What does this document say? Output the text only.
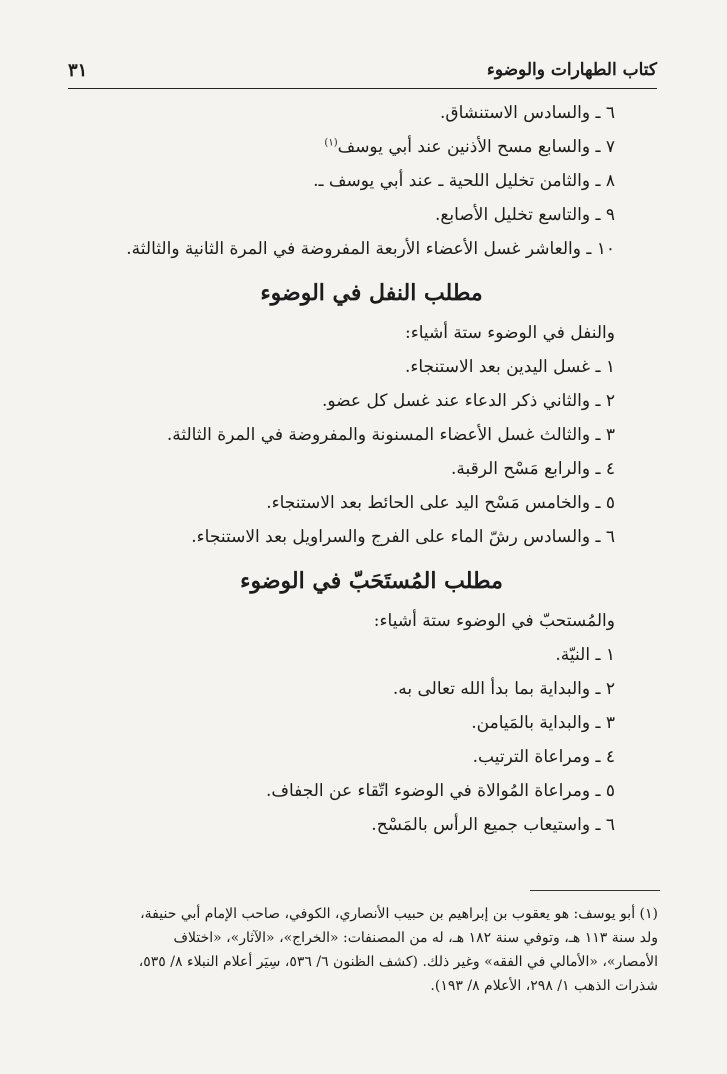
كتاب الطهارات والوضوء
٣١
٦ ـ والسادس الاستنشاق.
٧ ـ والسابع مسح الأذنين عند أبي يوسف$^{(١)}$
٨ ـ والثامن تخليل اللحية ـ عند أبي يوسف ـ.
٩ ـ والتاسع تخليل الأصابع.
١٠ ـ والعاشر غسل الأعضاء الأربعة المفروضة في المرة الثانية والثالثة.
مطلب النفل في الوضوء
والنفل في الوضوء ستة أشياء:
١ ـ غسل اليدين بعد الاستنجاء.
٢ ـ والثاني ذكر الدعاء عند غسل كل عضو.
٣ ـ والثالث غسل الأعضاء المسنونة والمفروضة في المرة الثالثة.
٤ ـ والرابع مَسْح الرقبة.
٥ ـ والخامس مَسْح اليد على الحائط بعد الاستنجاء.
٦ ـ والسادس رشّ الماء على الفرج والسراويل بعد الاستنجاء.
مطلب المُستَحَبّ في الوضوء
والمُستحبّ في الوضوء ستة أشياء:
١ ـ النيّة.
٢ ـ والبداية بما بدأ الله تعالى به.
٣ ـ والبداية بالمَيامن.
٤ ـ ومراعاة الترتيب.
٥ ـ ومراعاة المُوالاة في الوضوء اتّقاء عن الجفاف.
٦ ـ واستيعاب جميع الرأس بالمَسْح.
(١) أبو يوسف: هو يعقوب بن إبراهيم بن حبيب الأنصاري، الكوفي، صاحب الإمام أبي حنيفة،
ولد سنة ١١٣ هـ، وتوفي سنة ١٨٢ هـ، له من المصنفات: «الخراج»، «الآثار»، «اختلاف
الأمصار»، «الأمالي في الفقه» وغير ذلك. (كشف الظنون ٦/ ٥٣٦، سِيَر أعلام النبلاء ٨/ ٥٣٥،
شذرات الذهب ١/ ٢٩٨، الأعلام ٨/ ١٩٣).
